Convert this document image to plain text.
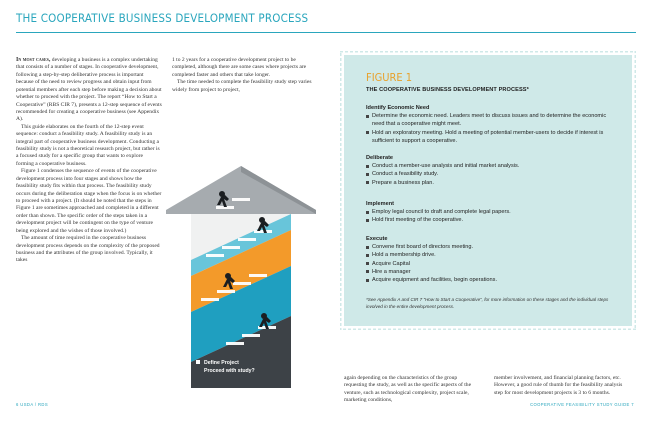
THE COOPERATIVE BUSINESS DEVELOPMENT PROCESS

In most cases, developing a business is a complex undertaking that consists of a number of stages. In cooperative development, following a step-by-step deliberative process is important because of the need to review progress and obtain input from potential members after each step before making a decision about whether to proceed with the project. The report “How to Start a Cooperative” (RBS CIR 7), presents a 12-step sequence of events recommended for creating a cooperative business (see Appendix A).

This guide elaborates on the fourth of the 12-step event sequence: conduct a feasibility study. A feasibility study is an integral part of cooperative business development. Conducting a feasibility study is not a theoretical research project, but rather is a focused study for a specific group that wants to explore forming a cooperative business.

Figure 1 condenses the sequence of events of the cooperative development process into four stages and shows how the feasibility study fits within that process. The feasibility study occurs during the deliberation stage when the focus is on whether to proceed with a project. (It should be noted that the steps in Figure 1 are sometimes approached and completed in a different order than shown. The specific order of the steps taken in a development project will be contingent on the type of venture being explored and the wishes of those involved.)

The amount of time required in the cooperative business development process depends on the complexity of the proposed business and the attributes of the group involved. Typically, it takes

1 to 2 years for a cooperative development project to be completed, although there are some cases where projects are completed faster and others that take longer.

The time needed to complete the feasibility study step varies widely from project to project,

Define Project
Proceed with study?
FIGURE 1
THE COOPERATIVE BUSINESS DEVELOPMENT PROCESS*
Identify Economic Need
Determine the economic need. Leaders meet to discuss issues and to determine the economic need that a cooperative might meet.
Hold an exploratory meeting. Hold a meeting of potential member-users to decide if interest is sufficient to support a cooperative.
Deliberate
Conduct a member-use analysis and initial market analysis.
Conduct a feasibility study.
Prepare a business plan.
Implement
Employ legal council to draft and complete legal papers.
Hold first meeting of the cooperative.
Execute
Convene first board of directors meeting.
Hold a membership drive.
Acquire Capital
Hire a manager
Acquire equipment and facilities, begin operations.
*See Appendix A and CIR 7 “How to Start a Cooperative”, for more information on these stages and the individual steps involved in the entire development process.

again depending on the characteristics of the group requesting the study, as well as the specific aspects of the venture, such as technological complexity, project scale, marketing conditions,

member involvement, and financial planning factors, etc. However, a good rule of thumb for the feasibility analysis step for most development projects is 3 to 6 months.

6 USDA / RDS	COOPERATIVE FEASIBILITY STUDY GUIDE 7
